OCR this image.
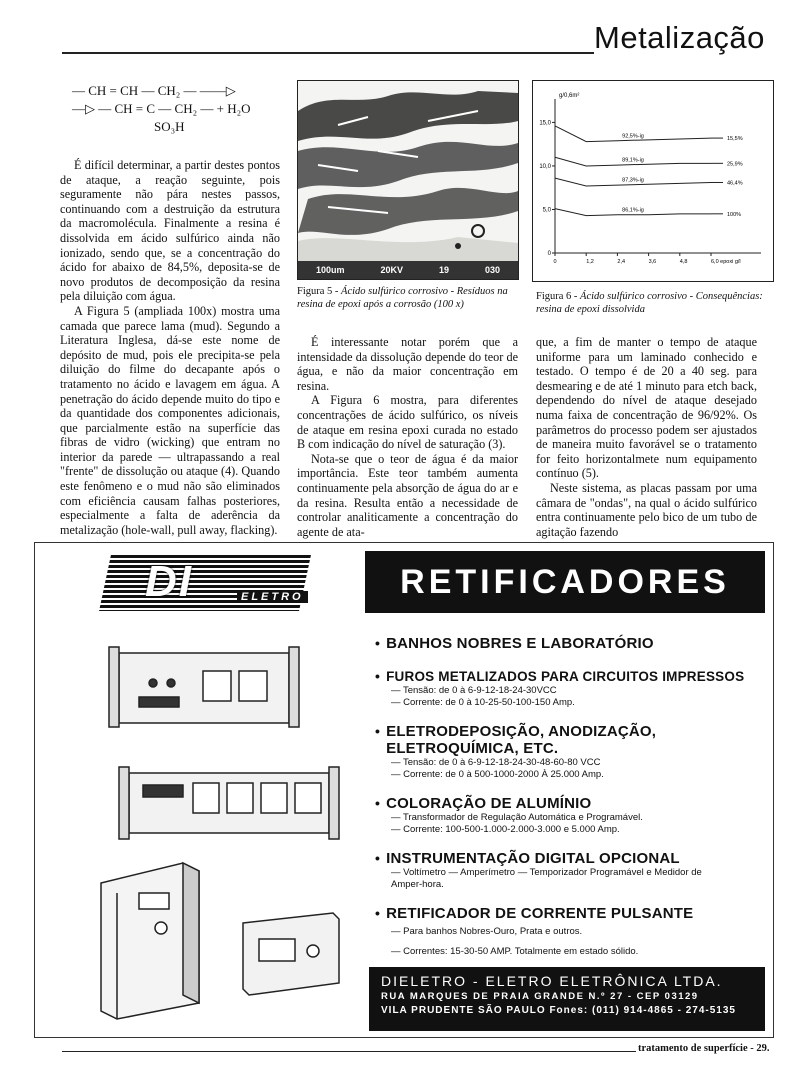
Metalização
— CH = CH — CH₂ — ——▷
—▷ — CH = C — CH₂ — + H₂O
SO₃H

É difícil determinar, a partir destes pontos de ataque, a reação seguinte, pois seguramente não pára nestes passos, continuando com a destruição da estrutura da macromolécula. Finalmente a resina é dissolvida em ácido sulfúrico ainda não ionizado, sendo que, se a concentração do ácido for abaixo de 84,5%, deposita-se de novo produtos de decomposição da resina pela diluição com água.

A Figura 5 (ampliada 100x) mostra uma camada que parece lama (mud). Segundo a Literatura Inglesa, dá-se este nome de depósito de mud, pois ele precipita-se pela diluição do filme do decapante após o tratamento no ácido e lavagem em água. A penetração do ácido depende muito do tipo e da quantidade dos componentes adicionais, que parcialmente estão na superfície das fibras de vidro (wicking) que entram no interior da parede — ultrapassando a real "frente" de dissolução ou ataque (4). Quando este fenômeno e o mud não são eliminados com eficiência causam falhas posteriores, especialmente a falta de aderência da metalização (hole-wall, pull away, flacking).

100um	20KV	19	030
Figura 5 - Ácido sulfúrico corrosivo - Resíduos na resina de epoxi após a corrosão (100 x)
g/0,6m²
0
5,0
10,0
15,0
0	1,2	2,4	3,6	4,8	6,0 epoxi g/l
92,5%-ig	15,5%
89,1%-ig
25,9%
87,3%-ig	46,4%
86,1%-ig
100%
Figura 6 - Ácido sulfúrico corrosivo - Consequências: resina de epoxi dissolvida

É interessante notar porém que a intensidade da dissolução depende do teor de água, e não da maior concentração em resina.

A Figura 6 mostra, para diferentes concentrações de ácido sulfúrico, os níveis de ataque em resina epoxi curada no estado B com indicação do nível de saturação (3).

Nota-se que o teor de água é da maior importância. Este teor também aumenta continuamente pela absorção de água do ar e da resina. Resulta então a necessidade de controlar analiticamente a concentração do agente de ata-

que, a fim de manter o tempo de ataque uniforme para um laminado conhecido e testado. O tempo é de 20 a 40 seg. para desmearing e de até 1 minuto para etch back, dependendo do nível de ataque desejado numa faixa de concentração de 96/92%. Os parâmetros do processo podem ser ajustados de maneira muito favorável se o tratamento for feito horizontalmete num equipamento contínuo (5).

Neste sistema, as placas passam por uma câmara de "ondas", na qual o ácido sulfúrico entra continuamente pelo bico de um tubo de agitação fazendo

DI	ELETRO	RETIFICADORES
• BANHOS NOBRES E LABORATÓRIO
• FUROS METALIZADOS PARA CIRCUITOS IMPRESSOS
— Tensão: de 0 à 6-9-12-18-24-30VCC
— Corrente: de 0 à 10-25-50-100-150 Amp.
• ELETRODEPOSIÇÃO, ANODIZAÇÃO, ELETROQUÍMICA, ETC.
— Tensão: de 0 à 6-9-12-18-24-30-48-60-80 VCC
— Corrente: de 0 à 500-1000-2000 À 25.000 Amp.
• COLORAÇÃO DE ALUMÍNIO
— Transformador de Regulação Automática e Programável.
— Corrente: 100-500-1.000-2.000-3.000 e 5.000 Amp.
• INSTRUMENTAÇÃO DIGITAL OPCIONAL
— Voltímetro — Amperímetro — Temporizador Programável e Medidor de Amper-hora.
• RETIFICADOR DE CORRENTE PULSANTE
— Para banhos Nobres-Ouro, Prata e outros.
— Correntes: 15-30-50 AMP. Totalmente em estado sólido.
DIELETRO - ELETRO ELETRÔNICA LTDA.
RUA MARQUES DE PRAIA GRANDE N.º 27 - CEP 03129
VILA PRUDENTE SÃO PAULO Fones: (011) 914-4865 - 274-5135
tratamento de superfície - 29.
